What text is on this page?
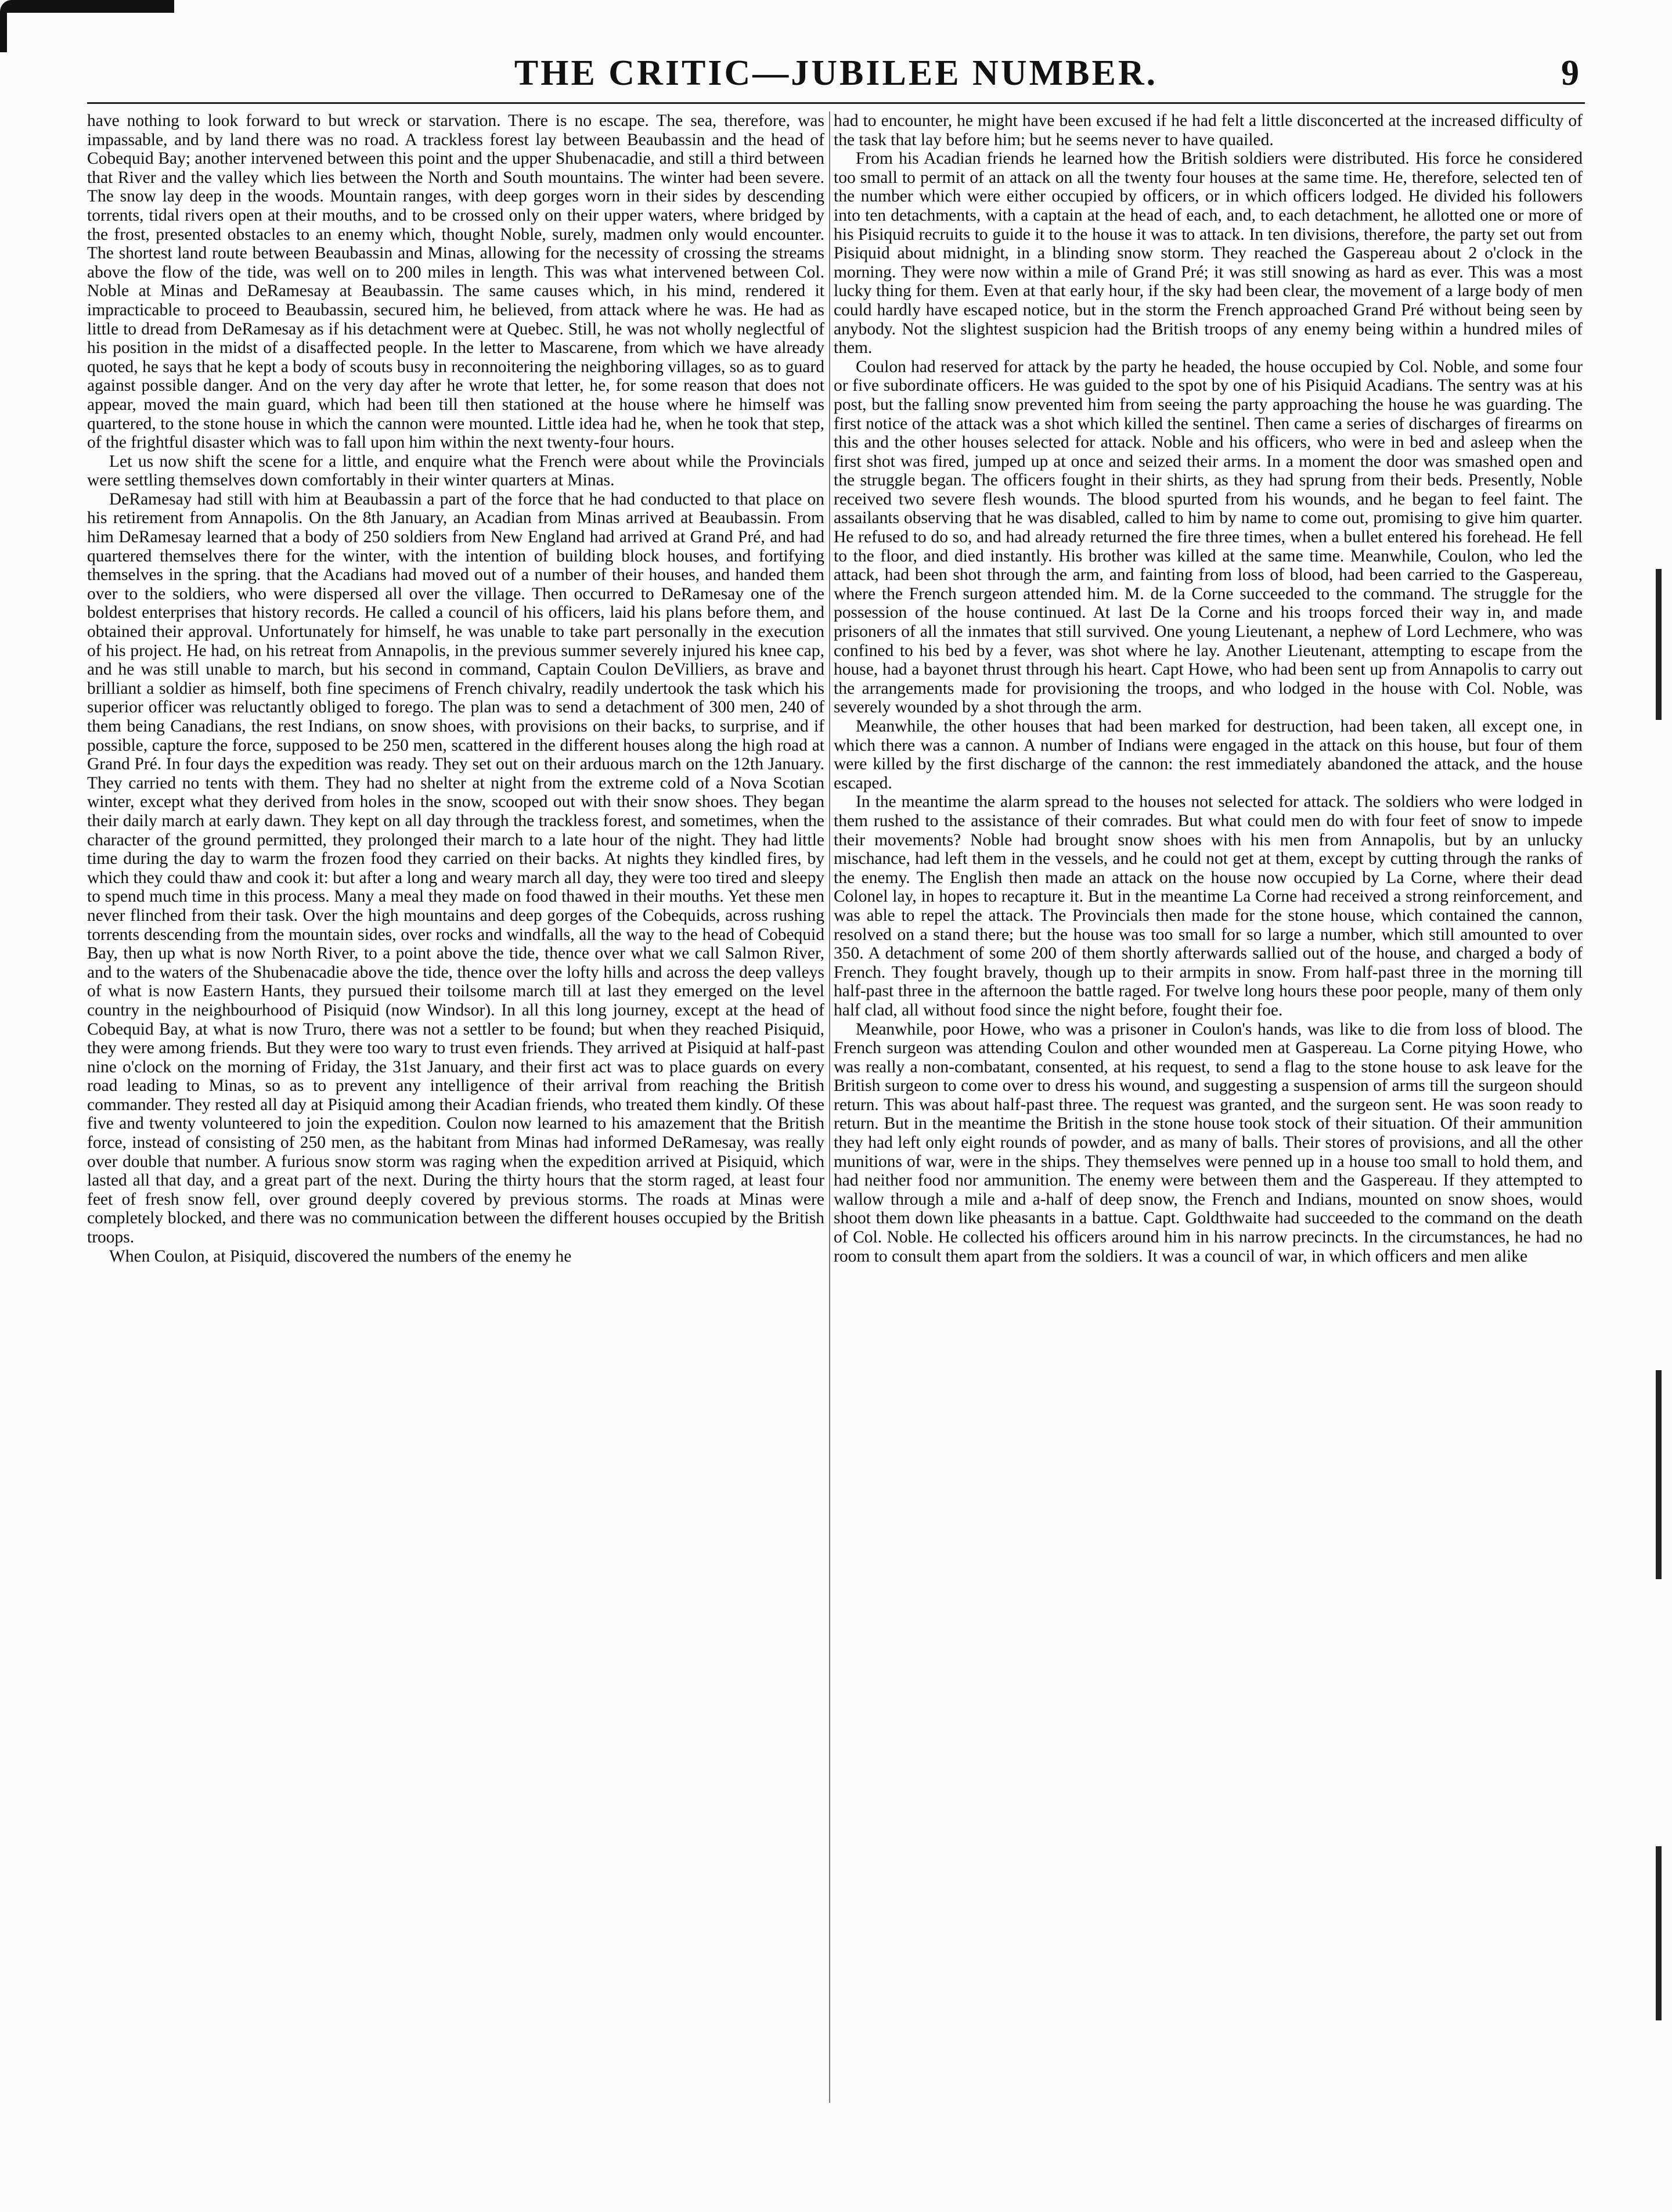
THE CRITIC—JUBILEE NUMBER.	9

have nothing to look forward to but wreck or starvation. There is no escape. The sea, therefore, was impassable, and by land there was no road. A trackless forest lay between Beaubassin and the head of Cobequid Bay; another intervened between this point and the upper Shubenacadie, and still a third between that River and the valley which lies between the North and South mountains. The winter had been severe. The snow lay deep in the woods. Mountain ranges, with deep gorges worn in their sides by descending torrents, tidal rivers open at their mouths, and to be crossed only on their upper waters, where bridged by the frost, presented obstacles to an enemy which, thought Noble, surely, madmen only would encounter. The shortest land route between Beaubassin and Minas, allowing for the necessity of crossing the streams above the flow of the tide, was well on to 200 miles in length. This was what intervened between Col. Noble at Minas and DeRamesay at Beaubassin. The same causes which, in his mind, rendered it impracticable to proceed to Beaubassin, secured him, he believed, from attack where he was. He had as little to dread from DeRamesay as if his detachment were at Quebec. Still, he was not wholly neglectful of his position in the midst of a disaffected people. In the letter to Mascarene, from which we have already quoted, he says that he kept a body of scouts busy in reconnoitering the neighboring villages, so as to guard against possible danger. And on the very day after he wrote that letter, he, for some reason that does not appear, moved the main guard, which had been till then stationed at the house where he himself was quartered, to the stone house in which the cannon were mounted. Little idea had he, when he took that step, of the frightful disaster which was to fall upon him within the next twenty-four hours.

Let us now shift the scene for a little, and enquire what the French were about while the Provincials were settling themselves down comfortably in their winter quarters at Minas.

DeRamesay had still with him at Beaubassin a part of the force that he had conducted to that place on his retirement from Annapolis. On the 8th January, an Acadian from Minas arrived at Beaubassin. From him DeRamesay learned that a body of 250 soldiers from New England had arrived at Grand Pré, and had quartered themselves there for the winter, with the intention of building block houses, and fortifying themselves in the spring. that the Acadians had moved out of a number of their houses, and handed them over to the soldiers, who were dispersed all over the village. Then occurred to DeRamesay one of the boldest enterprises that history records. He called a council of his officers, laid his plans before them, and obtained their approval. Unfortunately for himself, he was unable to take part personally in the execution of his project. He had, on his retreat from Annapolis, in the previous summer severely injured his knee cap, and he was still unable to march, but his second in command, Captain Coulon DeVilliers, as brave and brilliant a soldier as himself, both fine specimens of French chivalry, readily undertook the task which his superior officer was reluctantly obliged to forego. The plan was to send a detachment of 300 men, 240 of them being Canadians, the rest Indians, on snow shoes, with provisions on their backs, to surprise, and if possible, capture the force, supposed to be 250 men, scattered in the different houses along the high road at Grand Pré. In four days the expedition was ready. They set out on their arduous march on the 12th January. They carried no tents with them. They had no shelter at night from the extreme cold of a Nova Scotian winter, except what they derived from holes in the snow, scooped out with their snow shoes. They began their daily march at early dawn. They kept on all day through the trackless forest, and sometimes, when the character of the ground permitted, they prolonged their march to a late hour of the night. They had little time during the day to warm the frozen food they carried on their backs. At nights they kindled fires, by which they could thaw and cook it: but after a long and weary march all day, they were too tired and sleepy to spend much time in this process. Many a meal they made on food thawed in their mouths. Yet these men never flinched from their task. Over the high mountains and deep gorges of the Cobequids, across rushing torrents descending from the mountain sides, over rocks and windfalls, all the way to the head of Cobequid Bay, then up what is now North River, to a point above the tide, thence over what we call Salmon River, and to the waters of the Shubenacadie above the tide, thence over the lofty hills and across the deep valleys of what is now Eastern Hants, they pursued their toilsome march till at last they emerged on the level country in the neighbourhood of Pisiquid (now Windsor). In all this long journey, except at the head of Cobequid Bay, at what is now Truro, there was not a settler to be found; but when they reached Pisiquid, they were among friends. But they were too wary to trust even friends. They arrived at Pisiquid at half-past nine o'clock on the morning of Friday, the 31st January, and their first act was to place guards on every road leading to Minas, so as to prevent any intelligence of their arrival from reaching the British commander. They rested all day at Pisiquid among their Acadian friends, who treated them kindly. Of these five and twenty volunteered to join the expedition. Coulon now learned to his amazement that the British force, instead of consisting of 250 men, as the habitant from Minas had informed DeRamesay, was really over double that number. A furious snow storm was raging when the expedition arrived at Pisiquid, which lasted all that day, and a great part of the next. During the thirty hours that the storm raged, at least four feet of fresh snow fell, over ground deeply covered by previous storms. The roads at Minas were completely blocked, and there was no communication between the different houses occupied by the British troops.

When Coulon, at Pisiquid, discovered the numbers of the enemy he

had to encounter, he might have been excused if he had felt a little disconcerted at the increased difficulty of the task that lay before him; but he seems never to have quailed.

From his Acadian friends he learned how the British soldiers were distributed. His force he considered too small to permit of an attack on all the twenty four houses at the same time. He, therefore, selected ten of the number which were either occupied by officers, or in which officers lodged. He divided his followers into ten detachments, with a captain at the head of each, and, to each detachment, he allotted one or more of his Pisiquid recruits to guide it to the house it was to attack. In ten divisions, therefore, the party set out from Pisiquid about midnight, in a blinding snow storm. They reached the Gaspereau about 2 o'clock in the morning. They were now within a mile of Grand Pré; it was still snowing as hard as ever. This was a most lucky thing for them. Even at that early hour, if the sky had been clear, the movement of a large body of men could hardly have escaped notice, but in the storm the French approached Grand Pré without being seen by anybody. Not the slightest suspicion had the British troops of any enemy being within a hundred miles of them.

Coulon had reserved for attack by the party he headed, the house occupied by Col. Noble, and some four or five subordinate officers. He was guided to the spot by one of his Pisiquid Acadians. The sentry was at his post, but the falling snow prevented him from seeing the party approaching the house he was guarding. The first notice of the attack was a shot which killed the sentinel. Then came a series of discharges of firearms on this and the other houses selected for attack. Noble and his officers, who were in bed and asleep when the first shot was fired, jumped up at once and seized their arms. In a moment the door was smashed open and the struggle began. The officers fought in their shirts, as they had sprung from their beds. Presently, Noble received two severe flesh wounds. The blood spurted from his wounds, and he began to feel faint. The assailants observing that he was disabled, called to him by name to come out, promising to give him quarter. He refused to do so, and had already returned the fire three times, when a bullet entered his forehead. He fell to the floor, and died instantly. His brother was killed at the same time. Meanwhile, Coulon, who led the attack, had been shot through the arm, and fainting from loss of blood, had been carried to the Gaspereau, where the French surgeon attended him. M. de la Corne succeeded to the command. The struggle for the possession of the house continued. At last De la Corne and his troops forced their way in, and made prisoners of all the inmates that still survived. One young Lieutenant, a nephew of Lord Lechmere, who was confined to his bed by a fever, was shot where he lay. Another Lieutenant, attempting to escape from the house, had a bayonet thrust through his heart. Capt Howe, who had been sent up from Annapolis to carry out the arrangements made for provisioning the troops, and who lodged in the house with Col. Noble, was severely wounded by a shot through the arm.

Meanwhile, the other houses that had been marked for destruction, had been taken, all except one, in which there was a cannon. A number of Indians were engaged in the attack on this house, but four of them were killed by the first discharge of the cannon: the rest immediately abandoned the attack, and the house escaped.

In the meantime the alarm spread to the houses not selected for attack. The soldiers who were lodged in them rushed to the assistance of their comrades. But what could men do with four feet of snow to impede their movements? Noble had brought snow shoes with his men from Annapolis, but by an unlucky mischance, had left them in the vessels, and he could not get at them, except by cutting through the ranks of the enemy. The English then made an attack on the house now occupied by La Corne, where their dead Colonel lay, in hopes to recapture it. But in the meantime La Corne had received a strong reinforcement, and was able to repel the attack. The Provincials then made for the stone house, which contained the cannon, resolved on a stand there; but the house was too small for so large a number, which still amounted to over 350. A detachment of some 200 of them shortly afterwards sallied out of the house, and charged a body of French. They fought bravely, though up to their armpits in snow. From half-past three in the morning till half-past three in the afternoon the battle raged. For twelve long hours these poor people, many of them only half clad, all without food since the night before, fought their foe.

Meanwhile, poor Howe, who was a prisoner in Coulon's hands, was like to die from loss of blood. The French surgeon was attending Coulon and other wounded men at Gaspereau. La Corne pitying Howe, who was really a non-combatant, consented, at his request, to send a flag to the stone house to ask leave for the British surgeon to come over to dress his wound, and suggesting a suspension of arms till the surgeon should return. This was about half-past three. The request was granted, and the surgeon sent. He was soon ready to return. But in the meantime the British in the stone house took stock of their situation. Of their ammunition they had left only eight rounds of powder, and as many of balls. Their stores of provisions, and all the other munitions of war, were in the ships. They themselves were penned up in a house too small to hold them, and had neither food nor ammunition. The enemy were between them and the Gaspereau. If they attempted to wallow through a mile and a-half of deep snow, the French and Indians, mounted on snow shoes, would shoot them down like pheasants in a battue. Capt. Goldthwaite had succeeded to the command on the death of Col. Noble. He collected his officers around him in his narrow precincts. In the circumstances, he had no room to consult them apart from the soldiers. It was a council of war, in which officers and men alike
